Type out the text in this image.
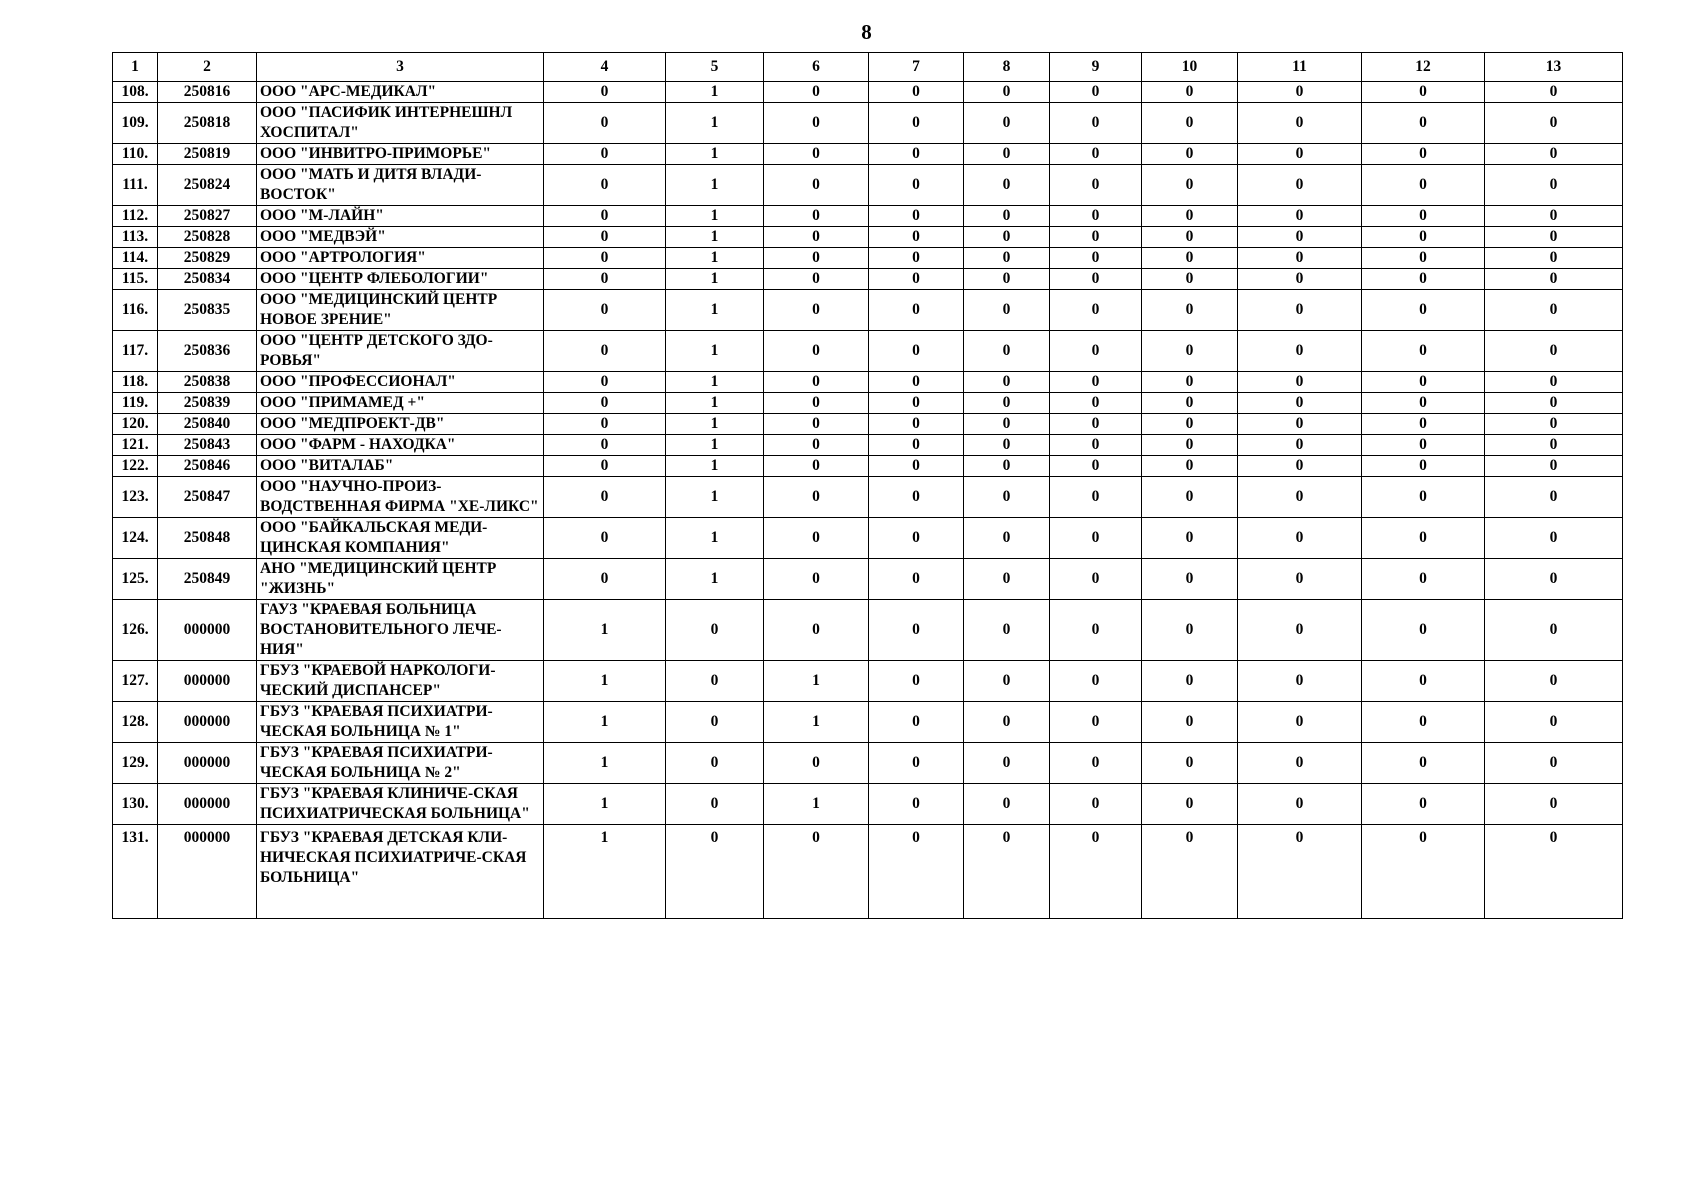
8
1	2	3	4	5	6	7	8	9	10	11	12	13
108.	250816	ООО "АРС-МЕДИКАЛ"	0	1	0	0	0	0	0	0	0	0
109.	250818	ООО "ПАСИФИК ИНТЕРНЕШНЛ ХОСПИТАЛ"	0	1	0	0	0	0	0	0	0	0
110.	250819	ООО "ИНВИТРО-ПРИМОРЬЕ"	0	1	0	0	0	0	0	0	0	0
111.	250824	ООО "МАТЬ И ДИТЯ ВЛАДИ-ВОСТОК"	0	1	0	0	0	0	0	0	0	0
112.	250827	ООО "М-ЛАЙН"	0	1	0	0	0	0	0	0	0	0
113.	250828	ООО "МЕДВЭЙ"	0	1	0	0	0	0	0	0	0	0
114.	250829	ООО "АРТРОЛОГИЯ"	0	1	0	0	0	0	0	0	0	0
115.	250834	ООО "ЦЕНТР ФЛЕБОЛОГИИ"	0	1	0	0	0	0	0	0	0	0
116.	250835	ООО "МЕДИЦИНСКИЙ ЦЕНТР НОВОЕ ЗРЕНИЕ"	0	1	0	0	0	0	0	0	0	0
117.	250836	ООО "ЦЕНТР ДЕТСКОГО ЗДО-РОВЬЯ"	0	1	0	0	0	0	0	0	0	0
118.	250838	ООО "ПРОФЕССИОНАЛ"	0	1	0	0	0	0	0	0	0	0
119.	250839	ООО "ПРИМАМЕД +"	0	1	0	0	0	0	0	0	0	0
120.	250840	ООО "МЕДПРОЕКТ-ДВ"	0	1	0	0	0	0	0	0	0	0
121.	250843	ООО "ФАРМ - НАХОДКА"	0	1	0	0	0	0	0	0	0	0
122.	250846	ООО "ВИТАЛАБ"	0	1	0	0	0	0	0	0	0	0
123.	250847	ООО "НАУЧНО-ПРОИЗ-ВОДСТВЕННАЯ ФИРМА "ХЕ-ЛИКС"	0	1	0	0	0	0	0	0	0	0
124.	250848	ООО "БАЙКАЛЬСКАЯ МЕДИ-ЦИНСКАЯ КОМПАНИЯ"	0	1	0	0	0	0	0	0	0	0
125.	250849	АНО "МЕДИЦИНСКИЙ ЦЕНТР "ЖИЗНЬ"	0	1	0	0	0	0	0	0	0	0
126.	000000	ГАУЗ "КРАЕВАЯ БОЛЬНИЦА ВОСТАНОВИТЕЛЬНОГО ЛЕЧЕ-НИЯ"	1	0	0	0	0	0	0	0	0	0
127.	000000	ГБУЗ "КРАЕВОЙ НАРКОЛОГИ-ЧЕСКИЙ ДИСПАНСЕР"	1	0	1	0	0	0	0	0	0	0
128.	000000	ГБУЗ "КРАЕВАЯ ПСИХИАТРИ-ЧЕСКАЯ БОЛЬНИЦА № 1"	1	0	1	0	0	0	0	0	0	0
129.	000000	ГБУЗ "КРАЕВАЯ ПСИХИАТРИ-ЧЕСКАЯ БОЛЬНИЦА № 2"	1	0	0	0	0	0	0	0	0	0
130.	000000	ГБУЗ "КРАЕВАЯ КЛИНИЧЕ-СКАЯ ПСИХИАТРИЧЕСКАЯ БОЛЬНИЦА"	1	0	1	0	0	0	0	0	0	0
131.	000000	ГБУЗ "КРАЕВАЯ ДЕТСКАЯ КЛИ-НИЧЕСКАЯ ПСИХИАТРИЧЕ-СКАЯ БОЛЬНИЦА"	1	0	0	0	0	0	0	0	0	0
